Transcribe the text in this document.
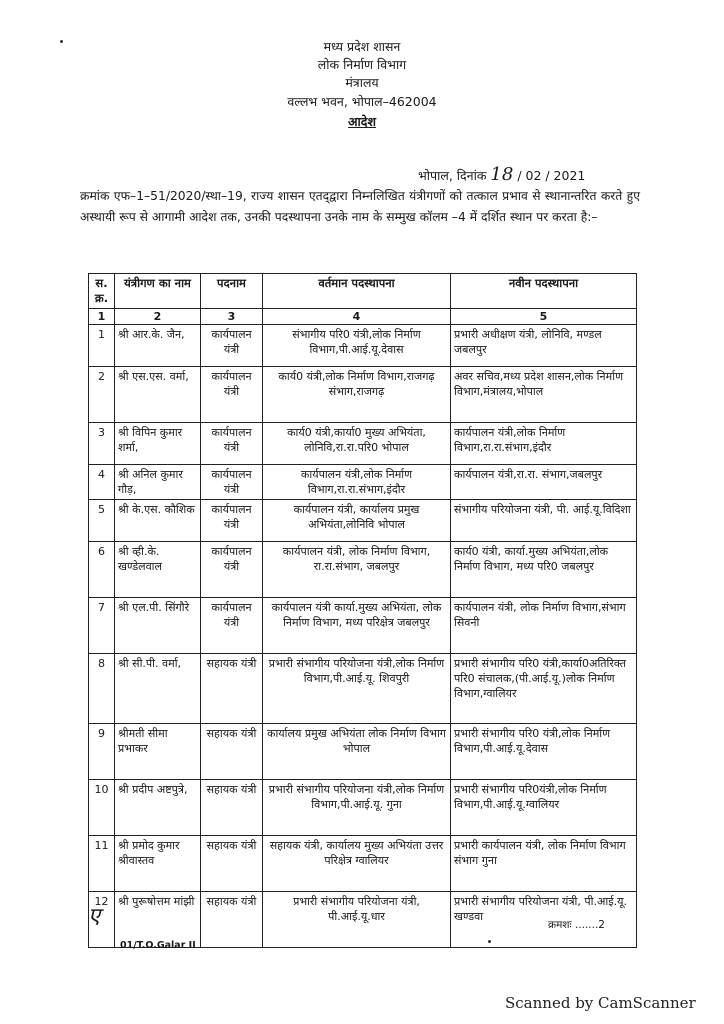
मध्य प्रदेश शासन
लोक निर्माण विभाग
मंत्रालय
वल्लभ भवन, भोपाल–462004
आदेश
भोपाल, दिनांक 18 / 02 / 2021
क्रमांक एफ–1–51/2020/स्था–19, राज्य शासन एतद्‌द्वारा निम्नलिखित यंत्रीगणों को तत्काल प्रभाव से स्थानान्तरित करते हुए अस्थायी रूप से आगामी आदेश तक, उनकी पदस्थापना उनके नाम के सम्मुख कॉलम –4 में दर्शित स्थान पर करता है:–
स. क्र.	यंत्रीगण का नाम	पदनाम	वर्तमान पदस्थापना	नवीन पदस्थापना
1	2	3	4	5
1	श्री आर.के. जैन,	कार्यपालन यंत्री	संभागीय परि0 यंत्री,लोक निर्माण विभाग,पी.आई.यू.देवास	प्रभारी अधीक्षण यंत्री, लोनिवि, मण्डल जबलपुर
2	श्री एस.एस. वर्मा,	कार्यपालन यंत्री	कार्य0 यंत्री,लोक निर्माण विभाग,राजगढ़ संभाग,राजगढ़	अवर सचिव,मध्य प्रदेश शासन,लोक निर्माण विभाग,मंत्रालय,भोपाल
3	श्री विपिन कुमार शर्मा,	कार्यपालन यंत्री	कार्य0 यंत्री,कार्या0 मुख्य अभियंता, लोनिवि,रा.रा.परि0 भोपाल	कार्यपालन यंत्री,लोक निर्माण विभाग,रा.रा.संभाग,इंदौर
4	श्री अनिल कुमार गौड़,	कार्यपालन यंत्री	कार्यपालन यंत्री,लोक निर्माण विभाग,रा.रा.संभाग,इंदौर	कार्यपालन यंत्री,रा.रा. संभाग,जबलपुर
5	श्री के.एस. कौशिक	कार्यपालन यंत्री	कार्यपालन यंत्री, कार्यालय प्रमुख अभियंता,लोनिवि भोपाल	संभागीय परियोजना यंत्री, पी. आई.यू.विदिशा
6	श्री व्ही.के. खण्डेलवाल	कार्यपालन यंत्री	कार्यपालन यंत्री, लोक निर्माण विभाग, रा.रा.संभाग, जबलपुर	कार्य0 यंत्री, कार्या.मुख्य अभियंता,लोक निर्माण विभाग, मध्य परि0 जबलपुर
7	श्री एल.पी. सिंगौरे	कार्यपालन यंत्री	कार्यपालन यंत्री कार्या.मुख्य अभियंता, लोक निर्माण विभाग, मध्य परिक्षेत्र जबलपुर	कार्यपालन यंत्री, लोक निर्माण विभाग,संभाग सिवनी
8	श्री सी.पी. वर्मा,	सहायक यंत्री	प्रभारी संभागीय परियोजना यंत्री,लोक निर्माण विभाग,पी.आई.यू. शिवपुरी	प्रभारी संभागीय परि0 यंत्री,कार्या0अतिरिक्त परि0 संचालक,(पी.आई.यू.)लोक निर्माण विभाग,ग्वालियर
9	श्रीमती सीमा प्रभाकर	सहायक यंत्री	कार्यालय प्रमुख अभियंता लोक निर्माण विभाग भोपाल	प्रभारी संभागीय परि0 यंत्री,लोक निर्माण विभाग,पी.आई.यू.देवास
10	श्री प्रदीप अष्टपुत्रे,	सहायक यंत्री	प्रभारी संभागीय परियोजना यंत्री,लोक निर्माण विभाग,पी.आई.यू. गुना	प्रभारी संभागीय परि0यंत्री,लोक निर्माण विभाग,पी.आई.यू.ग्वालियर
11	श्री प्रमोद कुमार श्रीवास्तव	सहायक यंत्री	सहायक यंत्री, कार्यालय मुख्य अभियंता उत्तर परिक्षेत्र ग्वालियर	प्रभारी कार्यपालन यंत्री, लोक निर्माण विभाग संभाग गुना
12	श्री पुरूषोत्तम मांझी	सहायक यंत्री	प्रभारी संभागीय परियोजना यंत्री, पी.आई.यू.धार	प्रभारी संभागीय परियोजना यंत्री, पी.आई.यू. खण्डवा
ए
01/T.O.Galar II
क्रमशः .......2
Scanned by CamScanner
